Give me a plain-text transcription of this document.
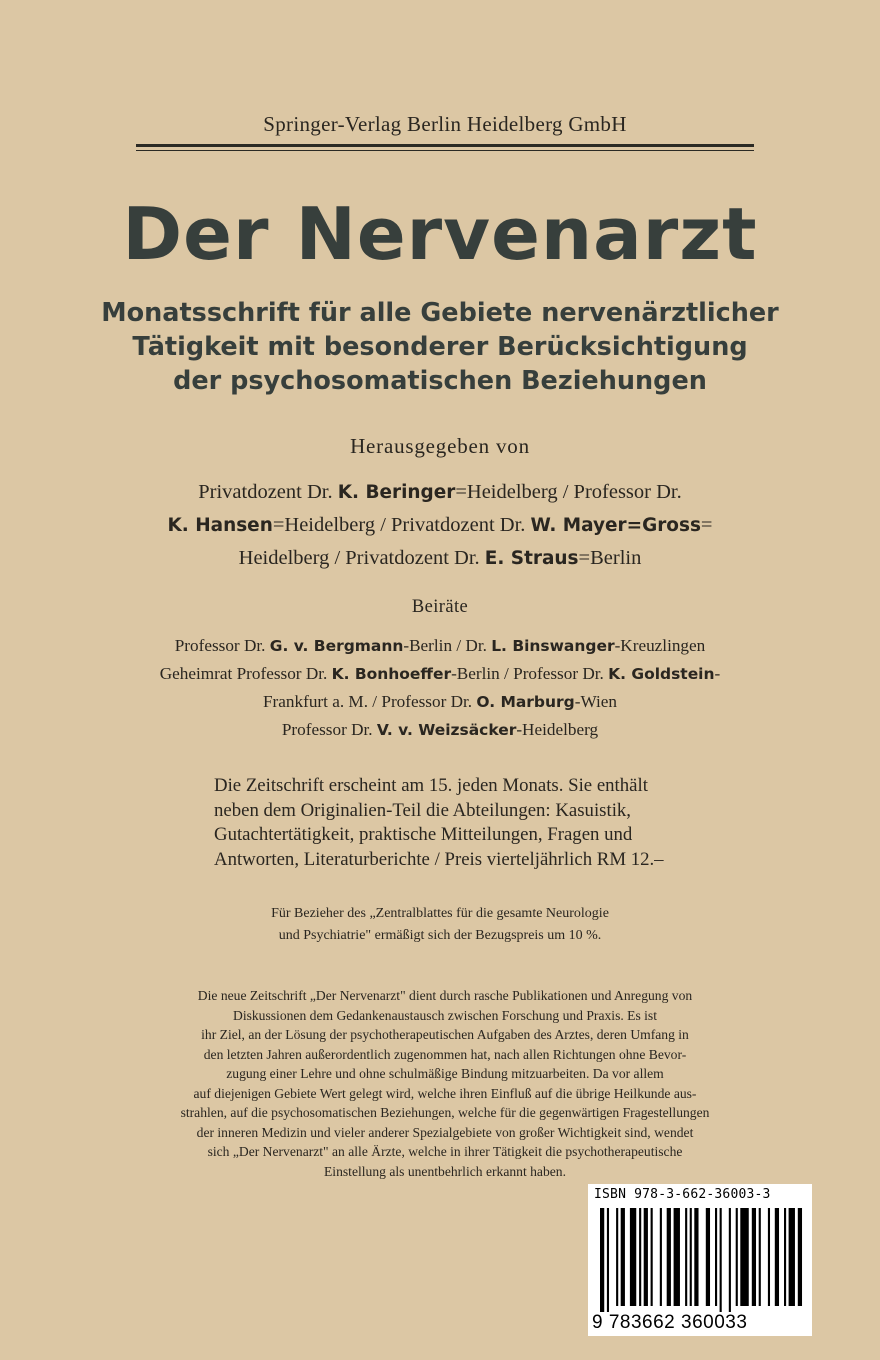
Springer-Verlag Berlin Heidelberg GmbH
Der Nervenarzt
Monatsschrift für alle Gebiete nervenärztlicher
Tätigkeit mit besonderer Berücksichtigung
der psychosomatischen Beziehungen
Herausgegeben von
Privatdozent Dr. K. Beringer=Heidelberg / Professor Dr.
K. Hansen=Heidelberg / Privatdozent Dr. W. Mayer=Gross=
Heidelberg / Privatdozent Dr. E. Straus=Berlin
Beiräte
Professor Dr. G. v. Bergmann-Berlin / Dr. L. Binswanger-Kreuzlingen
Geheimrat Professor Dr. K. Bonhoeffer-Berlin / Professor Dr. K. Goldstein-
Frankfurt a. M. / Professor Dr. O. Marburg-Wien
Professor Dr. V. v. Weizsäcker-Heidelberg
Die Zeitschrift erscheint am 15. jeden Monats. Sie enthält
neben dem Originalien-Teil die Abteilungen: Kasuistik,
Gutachtertätigkeit, praktische Mitteilungen, Fragen und
Antworten, Literaturberichte / Preis vierteljährlich RM 12.–
Für Bezieher des „Zentralblattes für die gesamte Neurologie
und Psychiatrie" ermäßigt sich der Bezugspreis um 10 %.
Die neue Zeitschrift „Der Nervenarzt" dient durch rasche Publikationen und Anregung von
Diskussionen dem Gedankenaustausch zwischen Forschung und Praxis. Es ist
ihr Ziel, an der Lösung der psychotherapeutischen Aufgaben des Arztes, deren Umfang in
den letzten Jahren außerordentlich zugenommen hat, nach allen Richtungen ohne Bevor-
zugung einer Lehre und ohne schulmäßige Bindung mitzuarbeiten. Da vor allem
auf diejenigen Gebiete Wert gelegt wird, welche ihren Einfluß auf die übrige Heilkunde aus-
strahlen, auf die psychosomatischen Beziehungen, welche für die gegenwärtigen Fragestellungen
der inneren Medizin und vieler anderer Spezialgebiete von großer Wichtigkeit sind, wendet
sich „Der Nervenarzt" an alle Ärzte, welche in ihrer Tätigkeit die psychotherapeutische
Einstellung als unentbehrlich erkannt haben.
ISBN 978-3-662-36003-3
9 783662 360033
